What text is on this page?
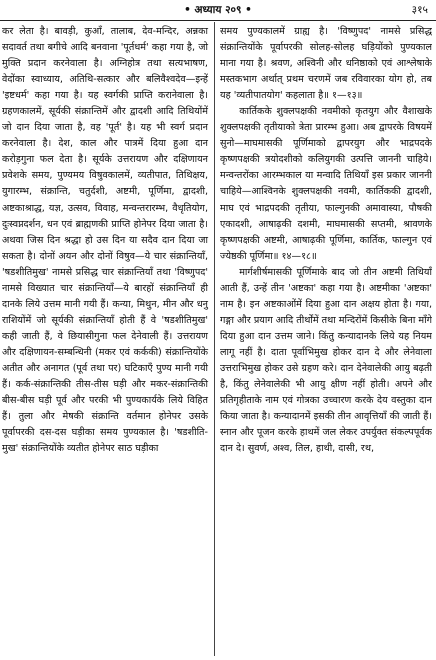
• अध्याय २०९ •	३१५

कर लेता है। बावड़ी, कुआँ, तालाब, देव-मन्दिर, अन्नका सदावर्त तथा बगीचे आदि बनवाना 'पूर्तधर्म' कहा गया है, जो मुक्ति प्रदान करनेवाला है। अग्निहोत्र तथा सत्यभाषण, वेदोंका स्वाध्याय, अतिथि-सत्कार और बलिवैश्वदेव—इन्हें 'इष्टधर्म' कहा गया है। यह स्वर्गकी प्राप्ति करानेवाला है। ग्रहणकालमें, सूर्यकी संक्रान्तिमें और द्वादशी आदि तिथियोंमें जो दान दिया जाता है, वह 'पूर्त' है। यह भी स्वर्ग प्रदान करनेवाला है। देश, काल और पात्रमें दिया हुआ दान करोड़गुना फल देता है। सूर्यके उत्तरायण और दक्षिणायन प्रवेशके समय, पुण्यमय विषुवकालमें, व्यतीपात, तिथिक्षय, युगारम्भ, संक्रान्ति, चतुर्दशी, अष्टमी, पूर्णिमा, द्वादशी, अष्टकाश्राद्ध, यज्ञ, उत्सव, विवाह, मन्वन्तरारम्भ, वैधृतियोग, दुःस्वप्नदर्शन, धन एवं ब्राह्मणकी प्राप्ति होनेपर दिया जाता है। अथवा जिस दिन श्रद्धा हो उस दिन या सदैव दान दिया जा सकता है। दोनों अयन और दोनों विषुव—ये चार संक्रान्तियाँ, 'षडशीतिमुख' नामसे प्रसिद्ध चार संक्रान्तियाँ तथा 'विष्णुपद' नामसे विख्यात चार संक्रान्तियाँ—ये बारहों संक्रान्तियाँ ही दानके लिये उत्तम मानी गयी हैं। कन्या, मिथुन, मीन और धनु राशियोंमें जो सूर्यकी संक्रान्तियाँ होती हैं वे 'षडशीतिमुख' कही जाती हैं, वे छियासीगुना फल देनेवाली हैं। उत्तरायण और दक्षिणायन-सम्बन्धिनी (मकर एवं कर्ककी) संक्रान्तियोंके अतीत और अनागत (पूर्व तथा पर) घटिकाएँ पुण्य मानी गयी हैं। कर्क-संक्रान्तिकी तीस-तीस घड़ी और मकर-संक्रान्तिकी बीस-बीस घड़ी पूर्व और परकी भी पुण्यकार्यके लिये विहित हैं। तुला और मेषकी संक्रान्ति वर्तमान होनेपर उसके पूर्वापरकी दस-दस घड़ीका समय पुण्यकाल है। 'षडशीति-मुख' संक्रान्तियोंके व्यतीत होनेपर साठ घड़ीका

समय पुण्यकालमें ग्राह्य है। 'विष्णुपद' नामसे प्रसिद्ध संक्रान्तियोंके पूर्वापरकी सोलह-सोलह घड़ियोंको पुण्यकाल माना गया है। श्रवण, अश्विनी और धनिष्ठाको एवं आश्लेषाके मस्तकभाग अर्थात् प्रथम चरणमें जब रविवारका योग हो, तब यह 'व्यतीपातयोग' कहलाता है॥ १—१३॥

कार्तिकके शुक्लपक्षकी नवमीको कृतयुग और वैशाखके शुक्लपक्षकी तृतीयाको त्रेता प्रारम्भ हुआ। अब द्वापरके विषयमें सुनो—माघमासकी पूर्णिमाको द्वापरयुग और भाद्रपदके कृष्णपक्षकी त्रयोदशीको कलियुगकी उत्पत्ति जाननी चाहिये। मन्वन्तरोंका आरम्भकाल या मन्वादि तिथियाँ इस प्रकार जाननी चाहिये—आश्विनके शुक्लपक्षकी नवमी, कार्तिककी द्वादशी, माघ एवं भाद्रपदकी तृतीया, फाल्गुनकी अमावास्या, पौषकी एकादशी, आषाढ़की दशमी, माघमासकी सप्तमी, श्रावणके कृष्णपक्षकी अष्टमी, आषाढ़की पूर्णिमा, कार्तिक, फाल्गुन एवं ज्येष्ठकी पूर्णिमा॥ १४—१८॥

मार्गशीर्षमासकी पूर्णिमाके बाद जो तीन अष्टमी तिथियाँ आती हैं, उन्हें तीन 'अष्टका' कहा गया है। अष्टमीका 'अष्टका' नाम है। इन अष्टकाओंमें दिया हुआ दान अक्षय होता है। गया, गङ्गा और प्रयाग आदि तीर्थोंमें तथा मन्दिरोंमें किसीके बिना माँगे दिया हुआ दान उत्तम जाने। किंतु कन्यादानके लिये यह नियम लागू नहीं है। दाता पूर्वाभिमुख होकर दान दे और लेनेवाला उत्तराभिमुख होकर उसे ग्रहण करे। दान देनेवालेकी आयु बढ़ती है, किंतु लेनेवालेकी भी आयु क्षीण नहीं होती। अपने और प्रतिगृहीताके नाम एवं गोत्रका उच्चारण करके देय वस्तुका दान किया जाता है। कन्यादानमें इसकी तीन आवृत्तियाँ की जाती हैं। स्नान और पूजन करके हाथमें जल लेकर उपर्युक्त संकल्पपूर्वक दान दे। सुवर्ण, अश्व, तिल, हाथी, दासी, रथ,
